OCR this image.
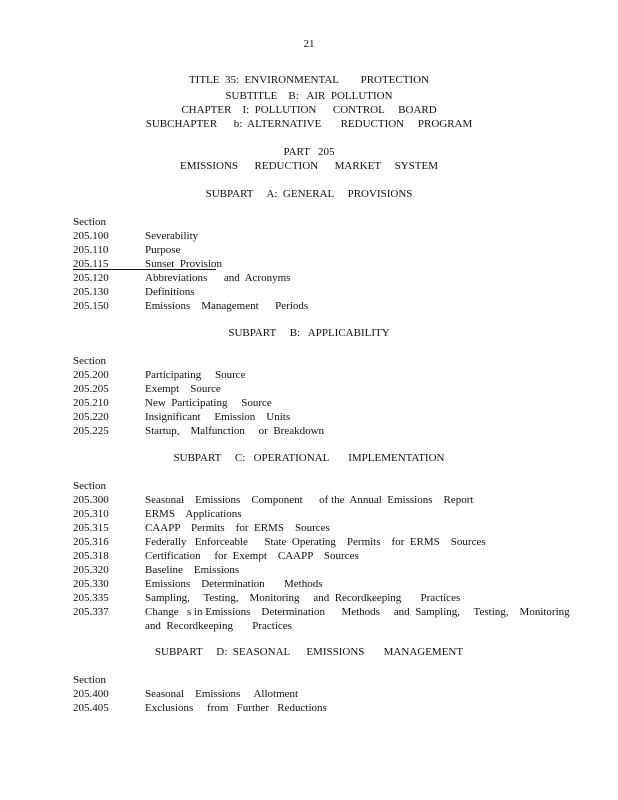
21
TITLE  35:  ENVIRONMENTAL        PROTECTION
SUBTITLE    B:   AIR  POLLUTION
CHAPTER    I:  POLLUTION      CONTROL     BOARD
SUBCHAPTER      b:  ALTERNATIVE       REDUCTION     PROGRAM
PART   205
EMISSIONS      REDUCTION      MARKET     SYSTEM
SUBPART     A:  GENERAL     PROVISIONS
Section
205.100	Severability
205.110	Purpose
205.115	Sunset  Provision
205.120	Abbreviations      and  Acronyms
205.130	Definitions
205.150	Emissions    Management      Periods
SUBPART     B:   APPLICABILITY
Section
205.200	Participating     Source
205.205	Exempt    Source
205.210	New  Participating     Source
205.220	Insignificant     Emission    Units
205.225	Startup,    Malfunction     or  Breakdown
SUBPART     C:   OPERATIONAL       IMPLEMENTATION
Section
205.300	Seasonal    Emissions    Component      of the  Annual  Emissions    Report
205.310	ERMS    Applications
205.315	CAAPP    Permits    for  ERMS    Sources
205.316	Federally   Enforceable      State  Operating    Permits    for  ERMS    Sources
205.318	Certification     for  Exempt    CAAPP    Sources
205.320	Baseline    Emissions
205.330	Emissions    Determination       Methods
205.335	Sampling,     Testing,    Monitoring     and  Recordkeeping       Practices
205.337	Change   s in Emissions    Determination      Methods     and  Sampling,     Testing,    Monitoring
and  Recordkeeping       Practices
SUBPART     D:  SEASONAL      EMISSIONS       MANAGEMENT
Section
205.400	Seasonal    Emissions     Allotment
205.405	Exclusions     from   Further   Reductions
